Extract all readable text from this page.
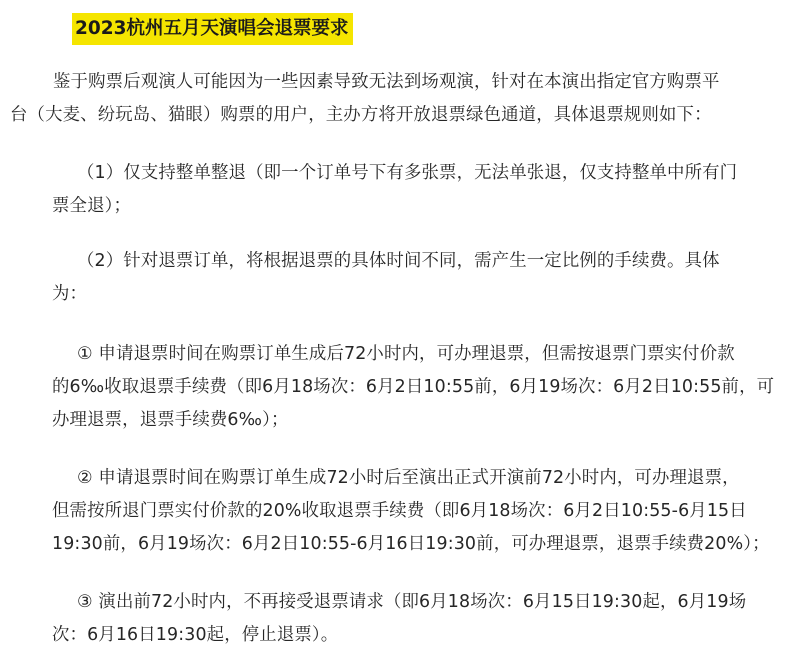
2023杭州五月天演唱会退票要求

鉴于购票后观演人可能因为一些因素导致无法到场观演，针对在本演出指定官方购票平
台（大麦、纷玩岛、猫眼）购票的用户，主办方将开放退票绿色通道，具体退票规则如下：

（1）仅支持整单整退（即一个订单号下有多张票，无法单张退，仅支持整单中所有门
票全退）；

（2）针对退票订单，将根据退票的具体时间不同，需产生一定比例的手续费。具体
为：

① 申请退票时间在购票订单生成后72小时内，可办理退票，但需按退票门票实付价款
的6‰收取退票手续费（即6月18场次：6月2日10:55前，6月19场次：6月2日10:55前，可
办理退票，退票手续费6‰）；

② 申请退票时间在购票订单生成72小时后至演出正式开演前72小时内，可办理退票，
但需按所退门票实付价款的20%收取退票手续费（即6月18场次：6月2日10:55-6月15日
19:30前，6月19场次：6月2日10:55-6月16日19:30前，可办理退票，退票手续费20%）；

③ 演出前72小时内，不再接受退票请求（即6月18场次：6月15日19:30起，6月19场
次：6月16日19:30起，停止退票）。
